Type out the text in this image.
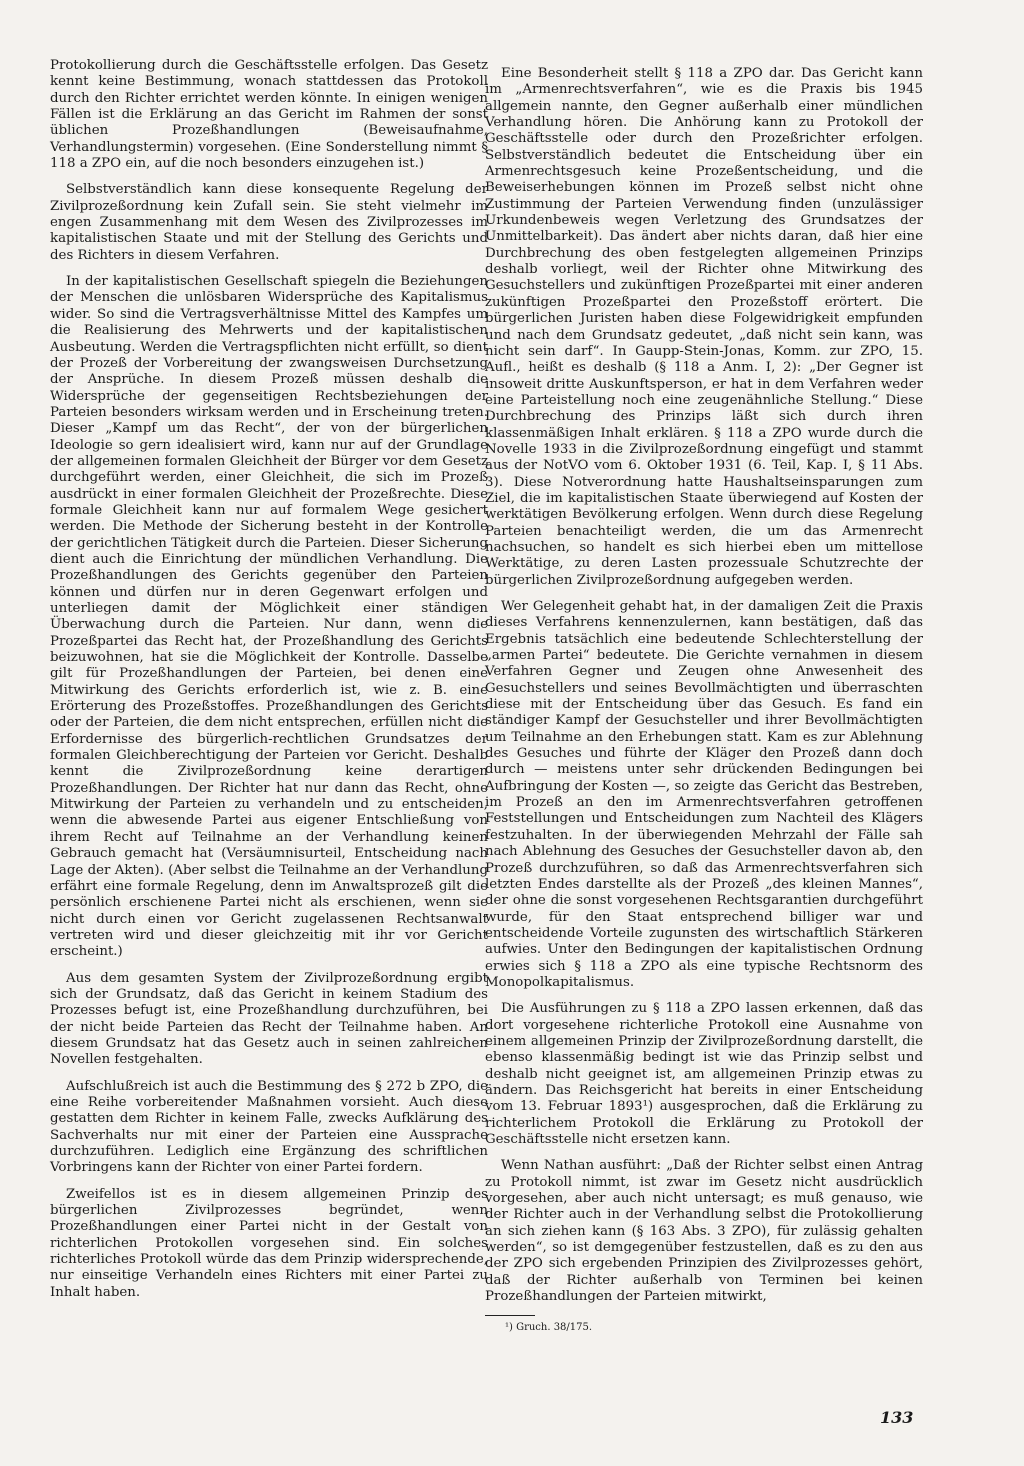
Protokollierung durch die Geschäftsstelle erfolgen. Das Gesetz kennt keine Bestimmung, wonach stattdessen das Protokoll durch den Richter errichtet werden könnte. In einigen wenigen Fällen ist die Erklärung an das Gericht im Rahmen der sonst üblichen Prozeßhandlungen (Beweisaufnahme, Verhandlungstermin) vorgesehen. (Eine Sonderstellung nimmt § 118 a ZPO ein, auf die noch besonders einzugehen ist.)

Selbstverständlich kann diese konsequente Regelung der Zivilprozeßordnung kein Zufall sein. Sie steht vielmehr im engen Zusammenhang mit dem Wesen des Zivilprozesses im kapitalistischen Staate und mit der Stellung des Gerichts und des Richters in diesem Verfahren.

In der kapitalistischen Gesellschaft spiegeln die Beziehungen der Menschen die unlösbaren Widersprüche des Kapitalismus wider. So sind die Vertragsverhältnisse Mittel des Kampfes um die Realisierung des Mehrwerts und der kapitalistischen Ausbeutung. Werden die Vertragspflichten nicht erfüllt, so dient der Prozeß der Vorbereitung der zwangsweisen Durchsetzung der Ansprüche. In diesem Prozeß müssen deshalb die Widersprüche der gegenseitigen Rechtsbeziehungen der Parteien besonders wirksam werden und in Erscheinung treten. Dieser „Kampf um das Recht“, der von der bürgerlichen Ideologie so gern idealisiert wird, kann nur auf der Grundlage der allgemeinen formalen Gleichheit der Bürger vor dem Gesetz durchgeführt werden, einer Gleichheit, die sich im Prozeß ausdrückt in einer formalen Gleichheit der Prozeßrechte. Diese formale Gleichheit kann nur auf formalem Wege gesichert werden. Die Methode der Sicherung besteht in der Kontrolle der gerichtlichen Tätigkeit durch die Parteien. Dieser Sicherung dient auch die Einrichtung der mündlichen Verhandlung. Die Prozeßhandlungen des Gerichts gegenüber den Parteien können und dürfen nur in deren Gegenwart erfolgen und unterliegen damit der Möglichkeit einer ständigen Überwachung durch die Parteien. Nur dann, wenn die Prozeßpartei das Recht hat, der Prozeßhandlung des Gerichts beizuwohnen, hat sie die Möglichkeit der Kontrolle. Dasselbe gilt für Prozeßhandlungen der Parteien, bei denen eine Mitwirkung des Gerichts erforderlich ist, wie z. B. eine Erörterung des Prozeßstoffes. Prozeßhandlungen des Gerichts oder der Parteien, die dem nicht entsprechen, erfüllen nicht die Erfordernisse des bürgerlich-rechtlichen Grundsatzes der formalen Gleichberechtigung der Parteien vor Gericht. Deshalb kennt die Zivilprozeßordnung keine derartigen Prozeßhandlungen. Der Richter hat nur dann das Recht, ohne Mitwirkung der Parteien zu verhandeln und zu entscheiden, wenn die abwesende Partei aus eigener Entschließung von ihrem Recht auf Teilnahme an der Verhandlung keinen Gebrauch gemacht hat (Versäumnisurteil, Entscheidung nach Lage der Akten). (Aber selbst die Teilnahme an der Verhandlung erfährt eine formale Regelung, denn im Anwaltsprozeß gilt die persönlich erschienene Partei nicht als erschienen, wenn sie nicht durch einen vor Gericht zugelassenen Rechtsanwalt vertreten wird und dieser gleichzeitig mit ihr vor Gericht erscheint.)

Aus dem gesamten System der Zivilprozeßordnung ergibt sich der Grundsatz, daß das Gericht in keinem Stadium des Prozesses befugt ist, eine Prozeßhandlung durchzuführen, bei der nicht beide Parteien das Recht der Teilnahme haben. An diesem Grundsatz hat das Gesetz auch in seinen zahlreichen Novellen festgehalten.

Aufschlußreich ist auch die Bestimmung des § 272 b ZPO, die eine Reihe vorbereitender Maßnahmen vorsieht. Auch diese gestatten dem Richter in keinem Falle, zwecks Aufklärung des Sachverhalts nur mit einer der Parteien eine Aussprache durchzuführen. Lediglich eine Ergänzung des schriftlichen Vorbringens kann der Richter von einer Partei fordern.

Zweifellos ist es in diesem allgemeinen Prinzip des bürgerlichen Zivilprozesses begründet, wenn Prozeßhandlungen einer Partei nicht in der Gestalt von richterlichen Protokollen vorgesehen sind. Ein solches richterliches Protokoll würde das dem Prinzip widersprechende, nur einseitige Verhandeln eines Richters mit einer Partei zu Inhalt haben.

Eine Besonderheit stellt § 118 a ZPO dar. Das Gericht kann im „Armenrechtsverfahren“, wie es die Praxis bis 1945 allgemein nannte, den Gegner außerhalb einer mündlichen Verhandlung hören. Die Anhörung kann zu Protokoll der Geschäftsstelle oder durch den Prozeßrichter erfolgen. Selbstverständlich bedeutet die Entscheidung über ein Armenrechtsgesuch keine Prozeßentscheidung, und die Beweiserhebungen können im Prozeß selbst nicht ohne Zustimmung der Parteien Verwendung finden (unzulässiger Urkundenbeweis wegen Verletzung des Grundsatzes der Unmittelbarkeit). Das ändert aber nichts daran, daß hier eine Durchbrechung des oben festgelegten allgemeinen Prinzips deshalb vorliegt, weil der Richter ohne Mitwirkung des Gesuchstellers und zukünftigen Prozeßpartei mit einer anderen zukünftigen Prozeßpartei den Prozeßstoff erörtert. Die bürgerlichen Juristen haben diese Folgewidrigkeit empfunden und nach dem Grundsatz gedeutet, „daß nicht sein kann, was nicht sein darf“. In Gaupp-Stein-Jonas, Komm. zur ZPO, 15. Aufl., heißt es deshalb (§ 118 a Anm. I, 2): „Der Gegner ist insoweit dritte Auskunftsperson, er hat in dem Verfahren weder eine Parteistellung noch eine zeugenähnliche Stellung.“ Diese Durchbrechung des Prinzips läßt sich durch ihren klassenmäßigen Inhalt erklären. § 118 a ZPO wurde durch die Novelle 1933 in die Zivilprozeßordnung eingefügt und stammt aus der NotVO vom 6. Oktober 1931 (6. Teil, Kap. I, § 11 Abs. 3). Diese Notverordnung hatte Haushaltseinsparungen zum Ziel, die im kapitalistischen Staate überwiegend auf Kosten der werktätigen Bevölkerung erfolgen. Wenn durch diese Regelung Parteien benachteiligt werden, die um das Armenrecht nachsuchen, so handelt es sich hierbei eben um mittellose Werktätige, zu deren Lasten prozessuale Schutzrechte der bürgerlichen Zivilprozeßordnung aufgegeben werden.

Wer Gelegenheit gehabt hat, in der damaligen Zeit die Praxis dieses Verfahrens kennenzulernen, kann bestätigen, daß das Ergebnis tatsächlich eine bedeutende Schlechterstellung der „armen Partei“ bedeutete. Die Gerichte vernahmen in diesem Verfahren Gegner und Zeugen ohne Anwesenheit des Gesuchstellers und seines Bevollmächtigten und überraschten diese mit der Entscheidung über das Gesuch. Es fand ein ständiger Kampf der Gesuchsteller und ihrer Bevollmächtigten um Teilnahme an den Erhebungen statt. Kam es zur Ablehnung des Gesuches und führte der Kläger den Prozeß dann doch durch — meistens unter sehr drückenden Bedingungen bei Aufbringung der Kosten —, so zeigte das Gericht das Bestreben, im Prozeß an den im Armenrechtsverfahren getroffenen Feststellungen und Entscheidungen zum Nachteil des Klägers festzuhalten. In der überwiegenden Mehrzahl der Fälle sah nach Ablehnung des Gesuches der Gesuchsteller davon ab, den Prozeß durchzuführen, so daß das Armenrechtsverfahren sich letzten Endes darstellte als der Prozeß „des kleinen Mannes“, der ohne die sonst vorgesehenen Rechtsgarantien durchgeführt wurde, für den Staat entsprechend billiger war und entscheidende Vorteile zugunsten des wirtschaftlich Stärkeren aufwies. Unter den Bedingungen der kapitalistischen Ordnung erwies sich § 118 a ZPO als eine typische Rechtsnorm des Monopolkapitalismus.

Die Ausführungen zu § 118 a ZPO lassen erkennen, daß das dort vorgesehene richterliche Protokoll eine Ausnahme von einem allgemeinen Prinzip der Zivilprozeßordnung darstellt, die ebenso klassenmäßig bedingt ist wie das Prinzip selbst und deshalb nicht geeignet ist, am allgemeinen Prinzip etwas zu ändern. Das Reichsgericht hat bereits in einer Entscheidung vom 13. Februar 1893¹) ausgesprochen, daß die Erklärung zu richterlichem Protokoll die Erklärung zu Protokoll der Geschäftsstelle nicht ersetzen kann.

Wenn Nathan ausführt: „Daß der Richter selbst einen Antrag zu Protokoll nimmt, ist zwar im Gesetz nicht ausdrücklich vorgesehen, aber auch nicht untersagt; es muß genauso, wie der Richter auch in der Verhandlung selbst die Protokollierung an sich ziehen kann (§ 163 Abs. 3 ZPO), für zulässig gehalten werden“, so ist demgegenüber festzustellen, daß es zu den aus der ZPO sich ergebenden Prinzipien des Zivilprozesses gehört, daß der Richter außerhalb von Terminen bei keinen Prozeßhandlungen der Parteien mitwirkt,

¹) Gruch. 38/175.

133
